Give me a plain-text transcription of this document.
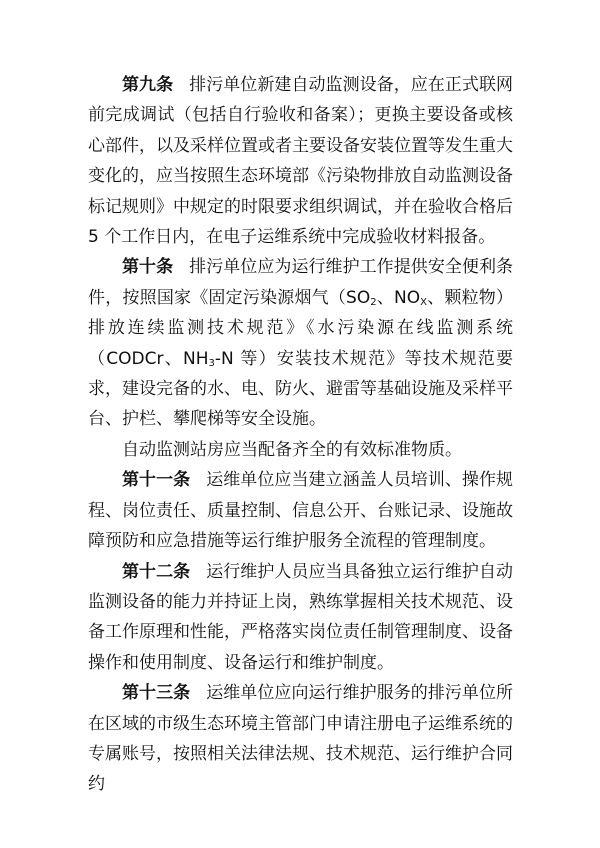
第九条 排污单位新建自动监测设备，应在正式联网前完成调试（包括自行验收和备案）；更换主要设备或核心部件，以及采样位置或者主要设备安装位置等发生重大变化的，应当按照生态环境部《污染物排放自动监测设备标记规则》中规定的时限要求组织调试，并在验收合格后 5 个工作日内，在电子运维系统中完成验收材料报备。

第十条 排污单位应为运行维护工作提供安全便利条件，按照国家《固定污染源烟气（$SO_2$、$NO_X$、颗粒物）排放连续监测技术规范》《水污染源在线监测系统（CODCr、$NH_3-N$ 等）安装技术规范》等技术规范要求，建设完备的水、电、防火、避雷等基础设施及采样平台、护栏、攀爬梯等安全设施。

自动监测站房应当配备齐全的有效标准物质。

第十一条 运维单位应当建立涵盖人员培训、操作规程、岗位责任、质量控制、信息公开、台账记录、设施故障预防和应急措施等运行维护服务全流程的管理制度。

第十二条 运行维护人员应当具备独立运行维护自动监测设备的能力并持证上岗，熟练掌握相关技术规范、设备工作原理和性能，严格落实岗位责任制管理制度、设备操作和使用制度、设备运行和维护制度。

第十三条 运维单位应向运行维护服务的排污单位所在区域的市级生态环境主管部门申请注册电子运维系统的专属账号，按照相关法律法规、技术规范、运行维护合同约
